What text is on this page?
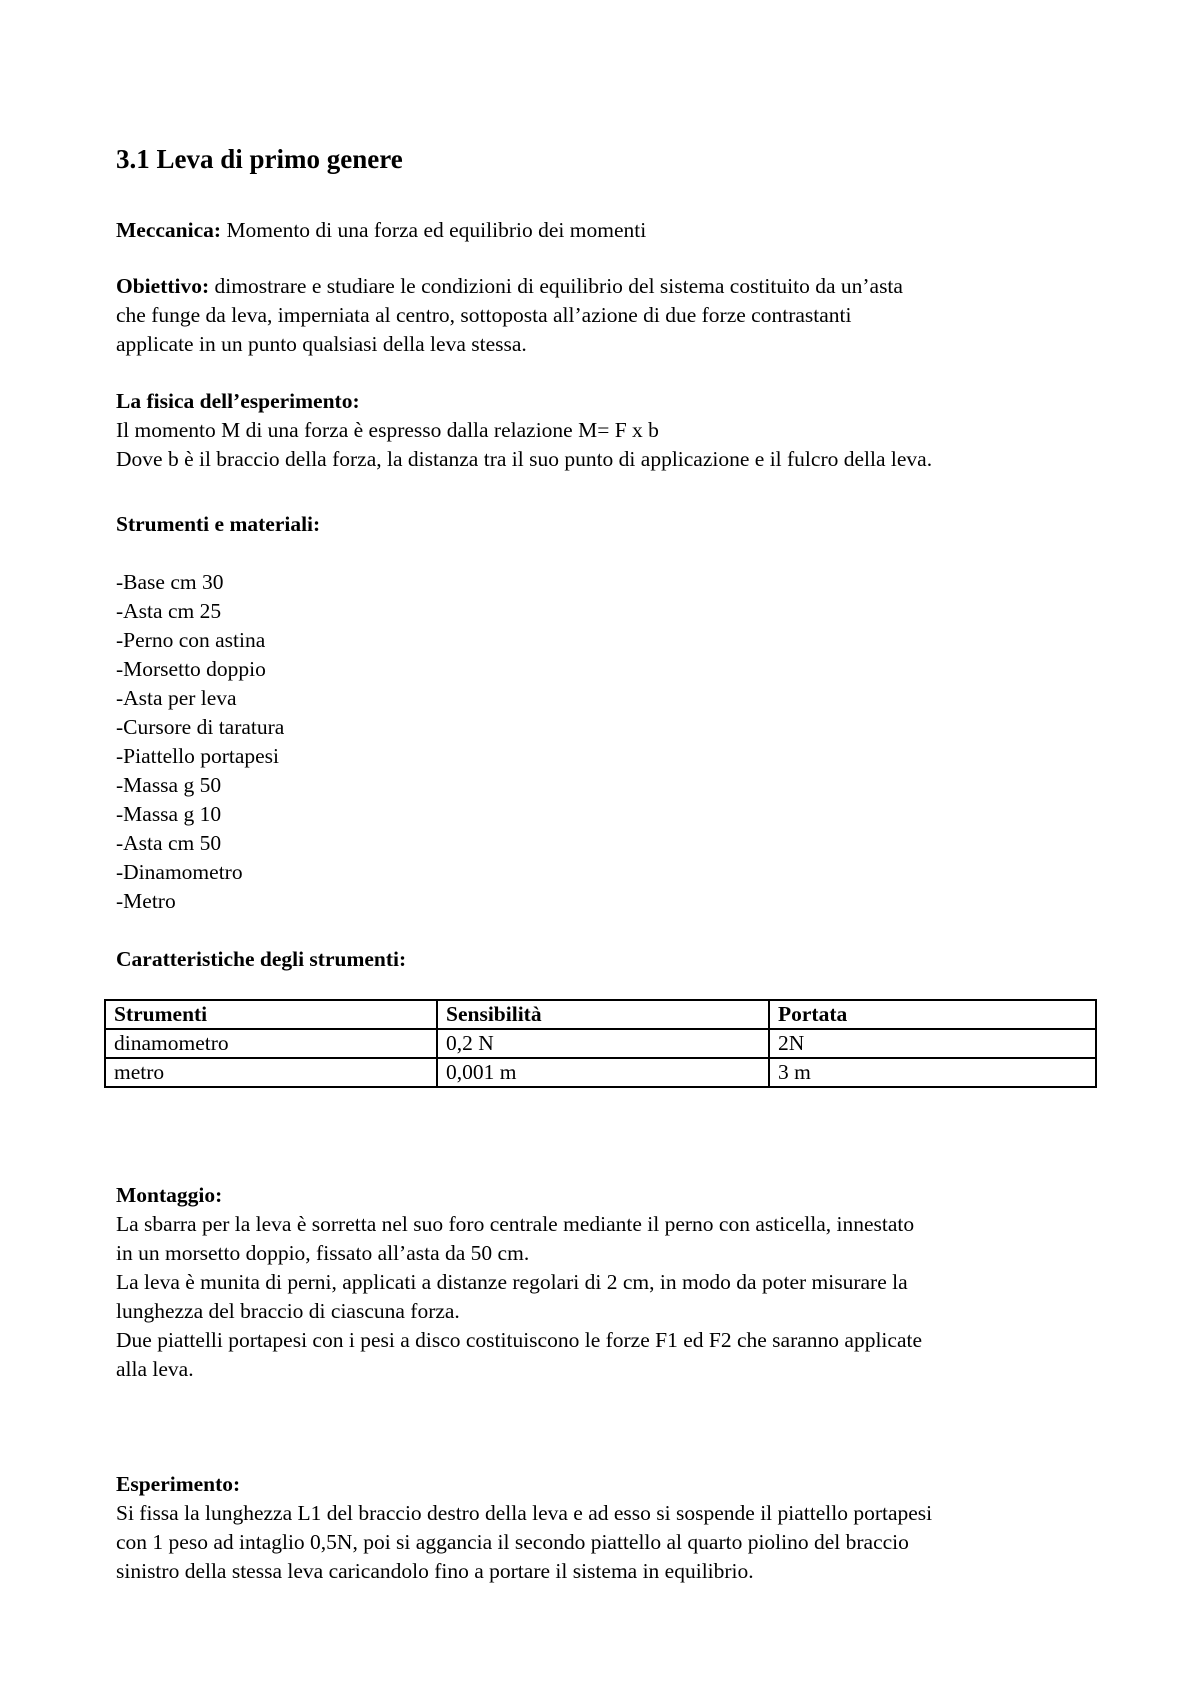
3.1 Leva di primo genere

Meccanica: Momento di una forza ed equilibrio dei momenti

Obiettivo: dimostrare e studiare le condizioni di equilibrio del sistema costituito da un’asta
che funge da leva, imperniata al centro, sottoposta all’azione di due forze contrastanti
applicate in un punto qualsiasi della leva stessa.
La fisica dell’esperimento:
Il momento M di una forza è espresso dalla relazione M= F x b
Dove b è il braccio della forza, la distanza tra il suo punto di applicazione e il fulcro della leva.
Strumenti e materiali:
-Base cm 30
-Asta cm 25
-Perno con astina
-Morsetto doppio
-Asta per leva
-Cursore di taratura
-Piattello portapesi
-Massa g 50
-Massa g 10
-Asta cm 50
-Dinamometro
-Metro
Caratteristiche degli strumenti:
Strumenti	Sensibilità	Portata
dinamometro	0,2 N	2N
metro	0,001 m	3 m
Montaggio:
La sbarra per la leva è sorretta nel suo foro centrale mediante il perno con asticella, innestato
in un morsetto doppio, fissato all’asta da 50 cm.
La leva è munita di perni, applicati a distanze regolari di 2 cm, in modo da poter misurare la
lunghezza del braccio di ciascuna forza.
Due piattelli portapesi con i pesi a disco costituiscono le forze F1 ed F2 che saranno applicate
alla leva.
Esperimento:
Si fissa la lunghezza L1 del braccio destro della leva e ad esso si sospende il piattello portapesi
con 1 peso ad intaglio 0,5N, poi si aggancia il secondo piattello al quarto piolino del braccio
sinistro della stessa leva caricandolo fino a portare il sistema in equilibrio.
